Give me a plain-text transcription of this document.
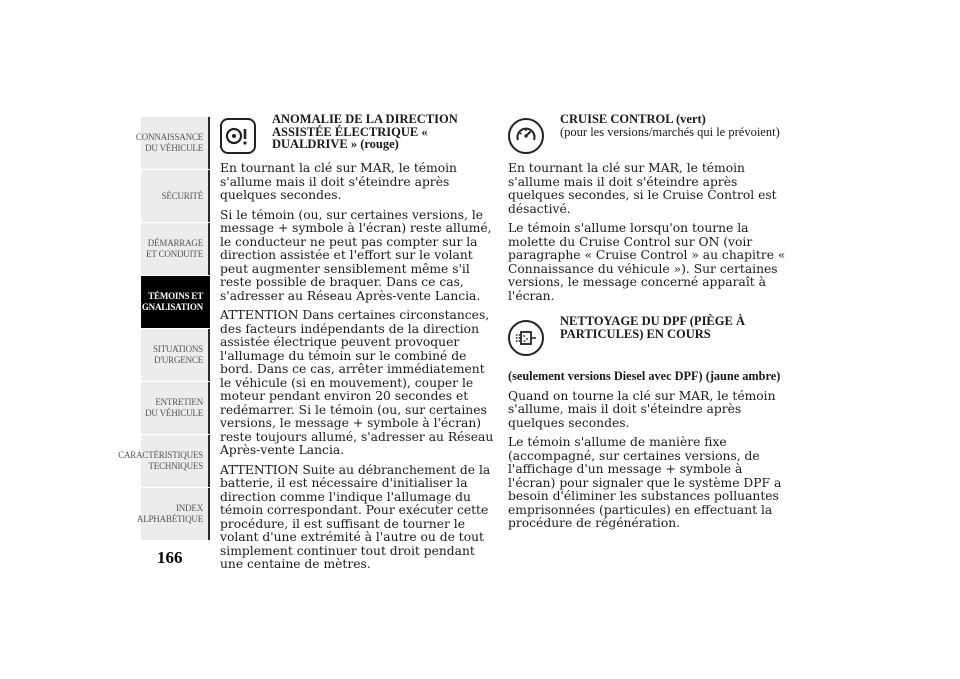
CONNAISSANCE DU VÉHICULE
SÉCURITÉ
DÉMARRAGE ET CONDUITE
TÉMOINS ET SIGNALISATION
SITUATIONS D'URGENCE
ENTRETIEN DU VÉHICULE
CARACTÉRISTIQUES TECHNIQUES
INDEX ALPHABÉTIQUE
166
ANOMALIE DE LA DIRECTION ASSISTÉE ÉLECTRIQUE « DUALDRIVE » (rouge)

En tournant la clé sur MAR, le témoin s'allume mais il doit s'éteindre après quelques secondes.

Si le témoin (ou, sur certaines versions, le message + symbole à l'écran) reste allumé, le conducteur ne peut pas compter sur la direction assistée et l'effort sur le volant peut augmenter sensiblement même s'il reste possible de braquer. Dans ce cas, s'adresser au Réseau Après-vente Lancia.

ATTENTION Dans certaines circonstances, des facteurs indépendants de la direction assistée électrique peuvent provoquer l'allumage du témoin sur le combiné de bord. Dans ce cas, arrêter immédiatement le véhicule (si en mouvement), couper le moteur pendant environ 20 secondes et redémarrer. Si le témoin (ou, sur certaines versions, le message + symbole à l'écran) reste toujours allumé, s'adresser au Réseau Après-vente Lancia.

ATTENTION Suite au débranchement de la batterie, il est nécessaire d'initialiser la direction comme l'indique l'allumage du témoin correspondant. Pour exécuter cette procédure, il est suffisant de tourner le volant d'une extrémité à l'autre ou de tout simplement continuer tout droit pendant une centaine de mètres.

CRUISE CONTROL (vert)
(pour les versions/marchés qui le prévoient)

En tournant la clé sur MAR, le témoin s'allume mais il doit s'éteindre après quelques secondes, si le Cruise Control est désactivé.

Le témoin s'allume lorsqu'on tourne la molette du Cruise Control sur ON (voir paragraphe « Cruise Control » au chapitre « Connaissance du véhicule »). Sur certaines versions, le message concerné apparaît à l'écran.

NETTOYAGE DU DPF (PIÈGE À PARTICULES) EN COURS

(seulement versions Diesel avec DPF) (jaune ambre)

Quand on tourne la clé sur MAR, le témoin s'allume, mais il doit s'éteindre après quelques secondes.

Le témoin s'allume de manière fixe (accompagné, sur certaines versions, de l'affichage d'un message + symbole à l'écran) pour signaler que le système DPF a besoin d'éliminer les substances polluantes emprisonnées (particules) en effectuant la procédure de régénération.
